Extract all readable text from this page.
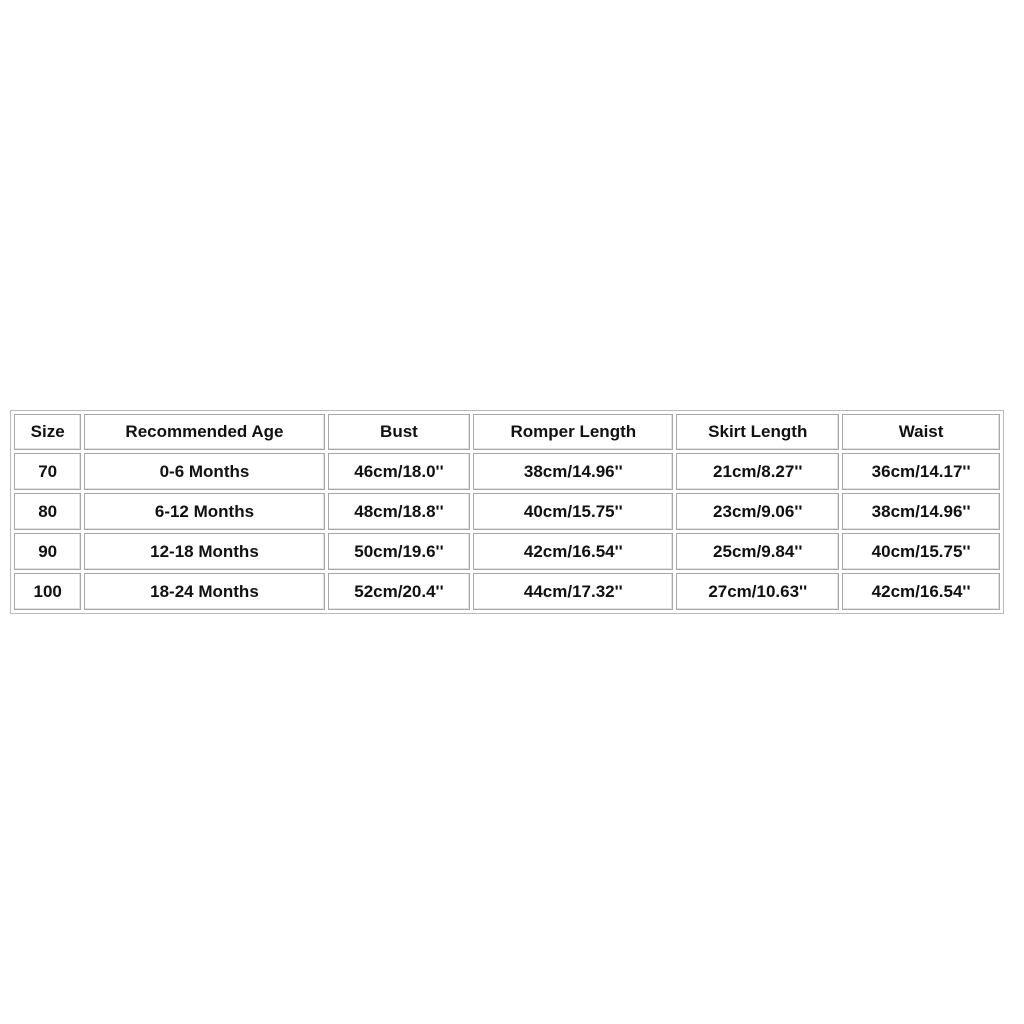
Size	Recommended Age	Bust	Romper Length	Skirt Length	Waist
70	0-6 Months	46cm/18.0''	38cm/14.96''	21cm/8.27''	36cm/14.17''
80	6-12 Months	48cm/18.8''	40cm/15.75''	23cm/9.06''	38cm/14.96''
90	12-18 Months	50cm/19.6''	42cm/16.54''	25cm/9.84''	40cm/15.75''
100	18-24 Months	52cm/20.4''	44cm/17.32''	27cm/10.63''	42cm/16.54''
